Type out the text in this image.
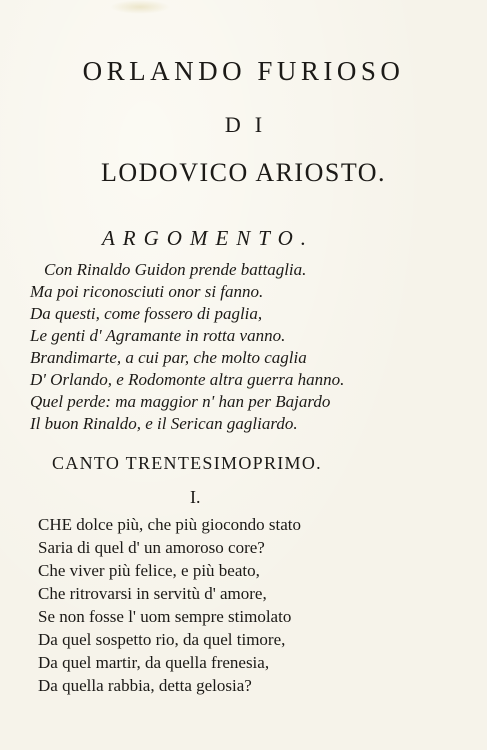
ORLANDO FURIOSO
DI
LODOVICO ARIOSTO.
ARGOMENTO.
Con Rinaldo Guidon prende battaglia.
Ma poi riconosciuti onor si fanno.
Da questi, come fossero di paglia,
Le genti d' Agramante in rotta vanno.
Brandimarte, a cui par, che molto caglia
D' Orlando, e Rodomonte altra guerra hanno.
Quel perde: ma maggior n' han per Bajardo
Il buon Rinaldo, e il Serican gagliardo.
CANTO TRENTESIMOPRIMO.
I.
CHE dolce più, che più giocondo stato
Saria di quel d' un amoroso core?
Che viver più felice, e più beato,
Che ritrovarsi in servitù d' amore,
Se non fosse l' uom sempre stimolato
Da quel sospetto rio, da quel timore,
Da quel martir, da quella frenesia,
Da quella rabbia, detta gelosia?
